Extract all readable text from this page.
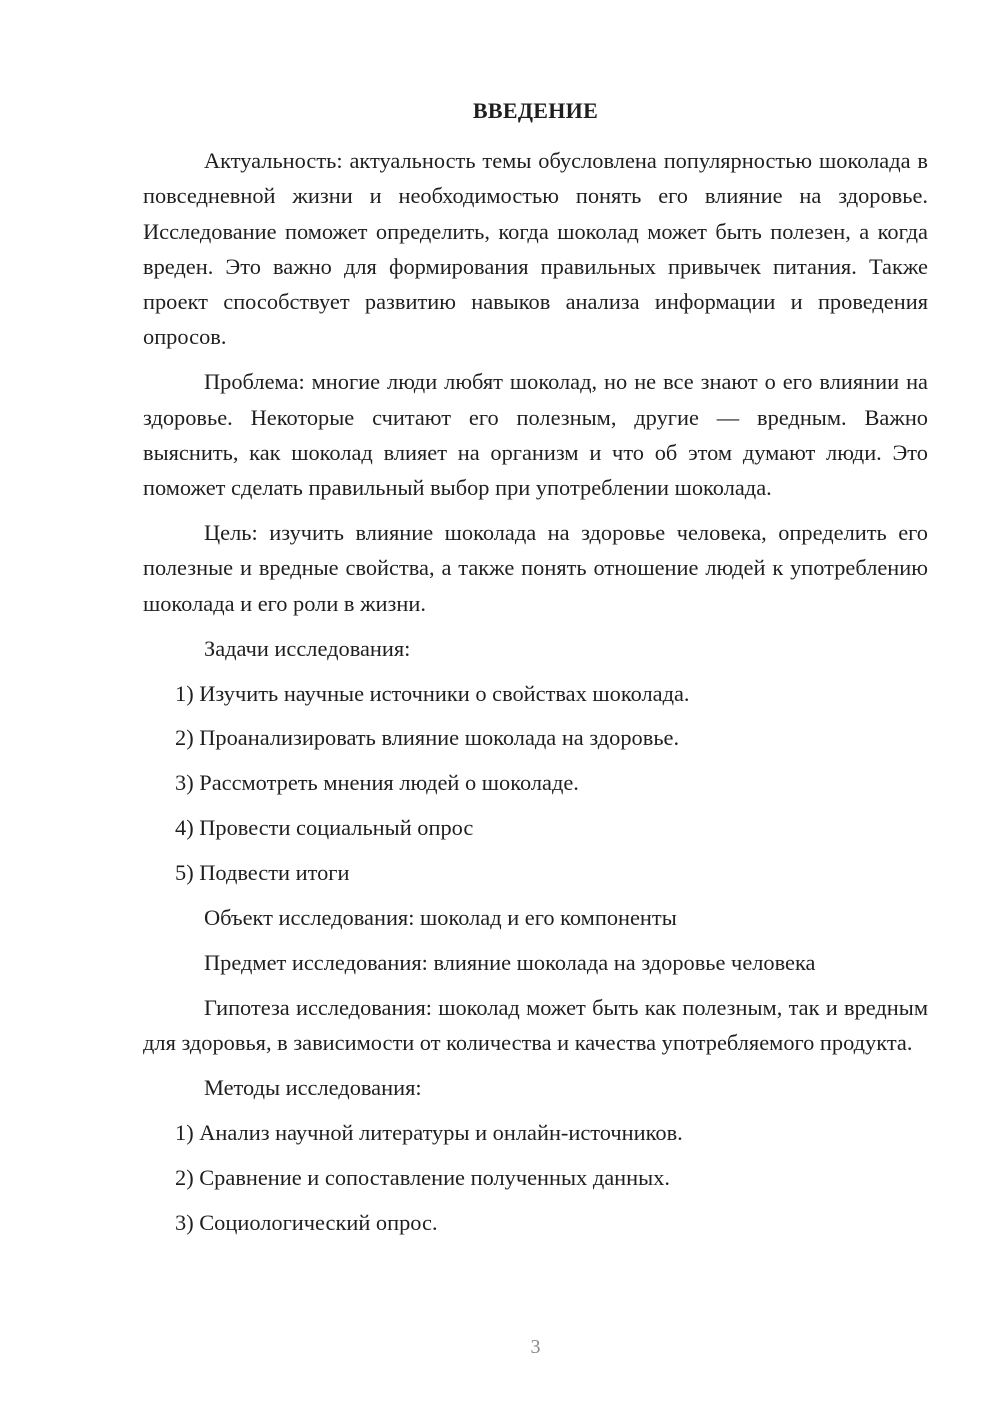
ВВЕДЕНИЕ

Актуальность: актуальность темы обусловлена популярностью шоколада в повседневной жизни и необходимостью понять его влияние на здоровье. Исследование поможет определить, когда шоколад может быть полезен, а когда вреден. Это важно для формирования правильных привычек питания. Также проект способствует развитию навыков анализа информации и проведения опросов.

Проблема: многие люди любят шоколад, но не все знают о его влиянии на здоровье. Некоторые считают его полезным, другие — вредным. Важно выяснить, как шоколад влияет на организм и что об этом думают люди. Это поможет сделать правильный выбор при употреблении шоколада.

Цель: изучить влияние шоколада на здоровье человека, определить его полезные и вредные свойства, а также понять отношение людей к употреблению шоколада и его роли в жизни.

Задачи исследования:

1) Изучить научные источники о свойствах шоколада.

2) Проанализировать влияние шоколада на здоровье.

3) Рассмотреть мнения людей о шоколаде.

4) Провести социальный опрос

5) Подвести итоги

Объект исследования: шоколад и его компоненты

Предмет исследования: влияние шоколада на здоровье человека

Гипотеза исследования: шоколад может быть как полезным, так и вредным для здоровья, в зависимости от количества и качества употребляемого продукта.

Методы исследования:

1) Анализ научной литературы и онлайн-источников.

2) Сравнение и сопоставление полученных данных.

3) Социологический опрос.

3
